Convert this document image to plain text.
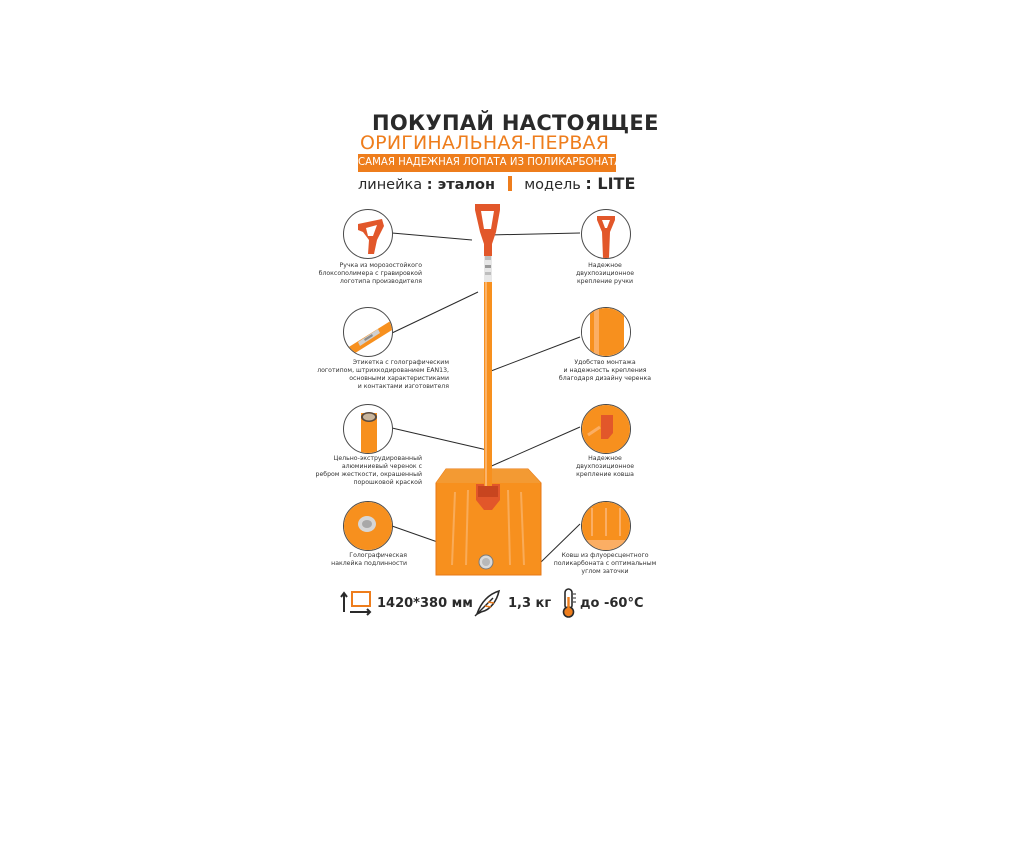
ПОКУПАЙ НАСТОЯЩЕЕ
ОРИГИНАЛЬНАЯ-ПЕРВАЯ
САМАЯ НАДЕЖНАЯ ЛОПАТА ИЗ ПОЛИКАРБОНАТА
линейка : эталон модель : LITE
Ручка из морозостойкого
блоксополимера с гравировкой
логотипа производителя
Этикетка с голографическим
логотипом, штрихкодированием EAN13,
основными характеристиками
и контактами изготовителя
Цельно-экструдированный
алюминиевый черенок с
ребром жесткости, окрашенный
порошковой краской
Голографическая
наклейка подлинности
Надежное
двухпозиционное
крепление ручки
Удобство монтажа
и надежность крепления
благодаря дизайну черенка
Надежное
двухпозиционное
крепление ковша
Ковш из флуоресцентного
поликарбоната с оптимальным
углом заточки
1420*380 мм	1,3 кг до -60°C
